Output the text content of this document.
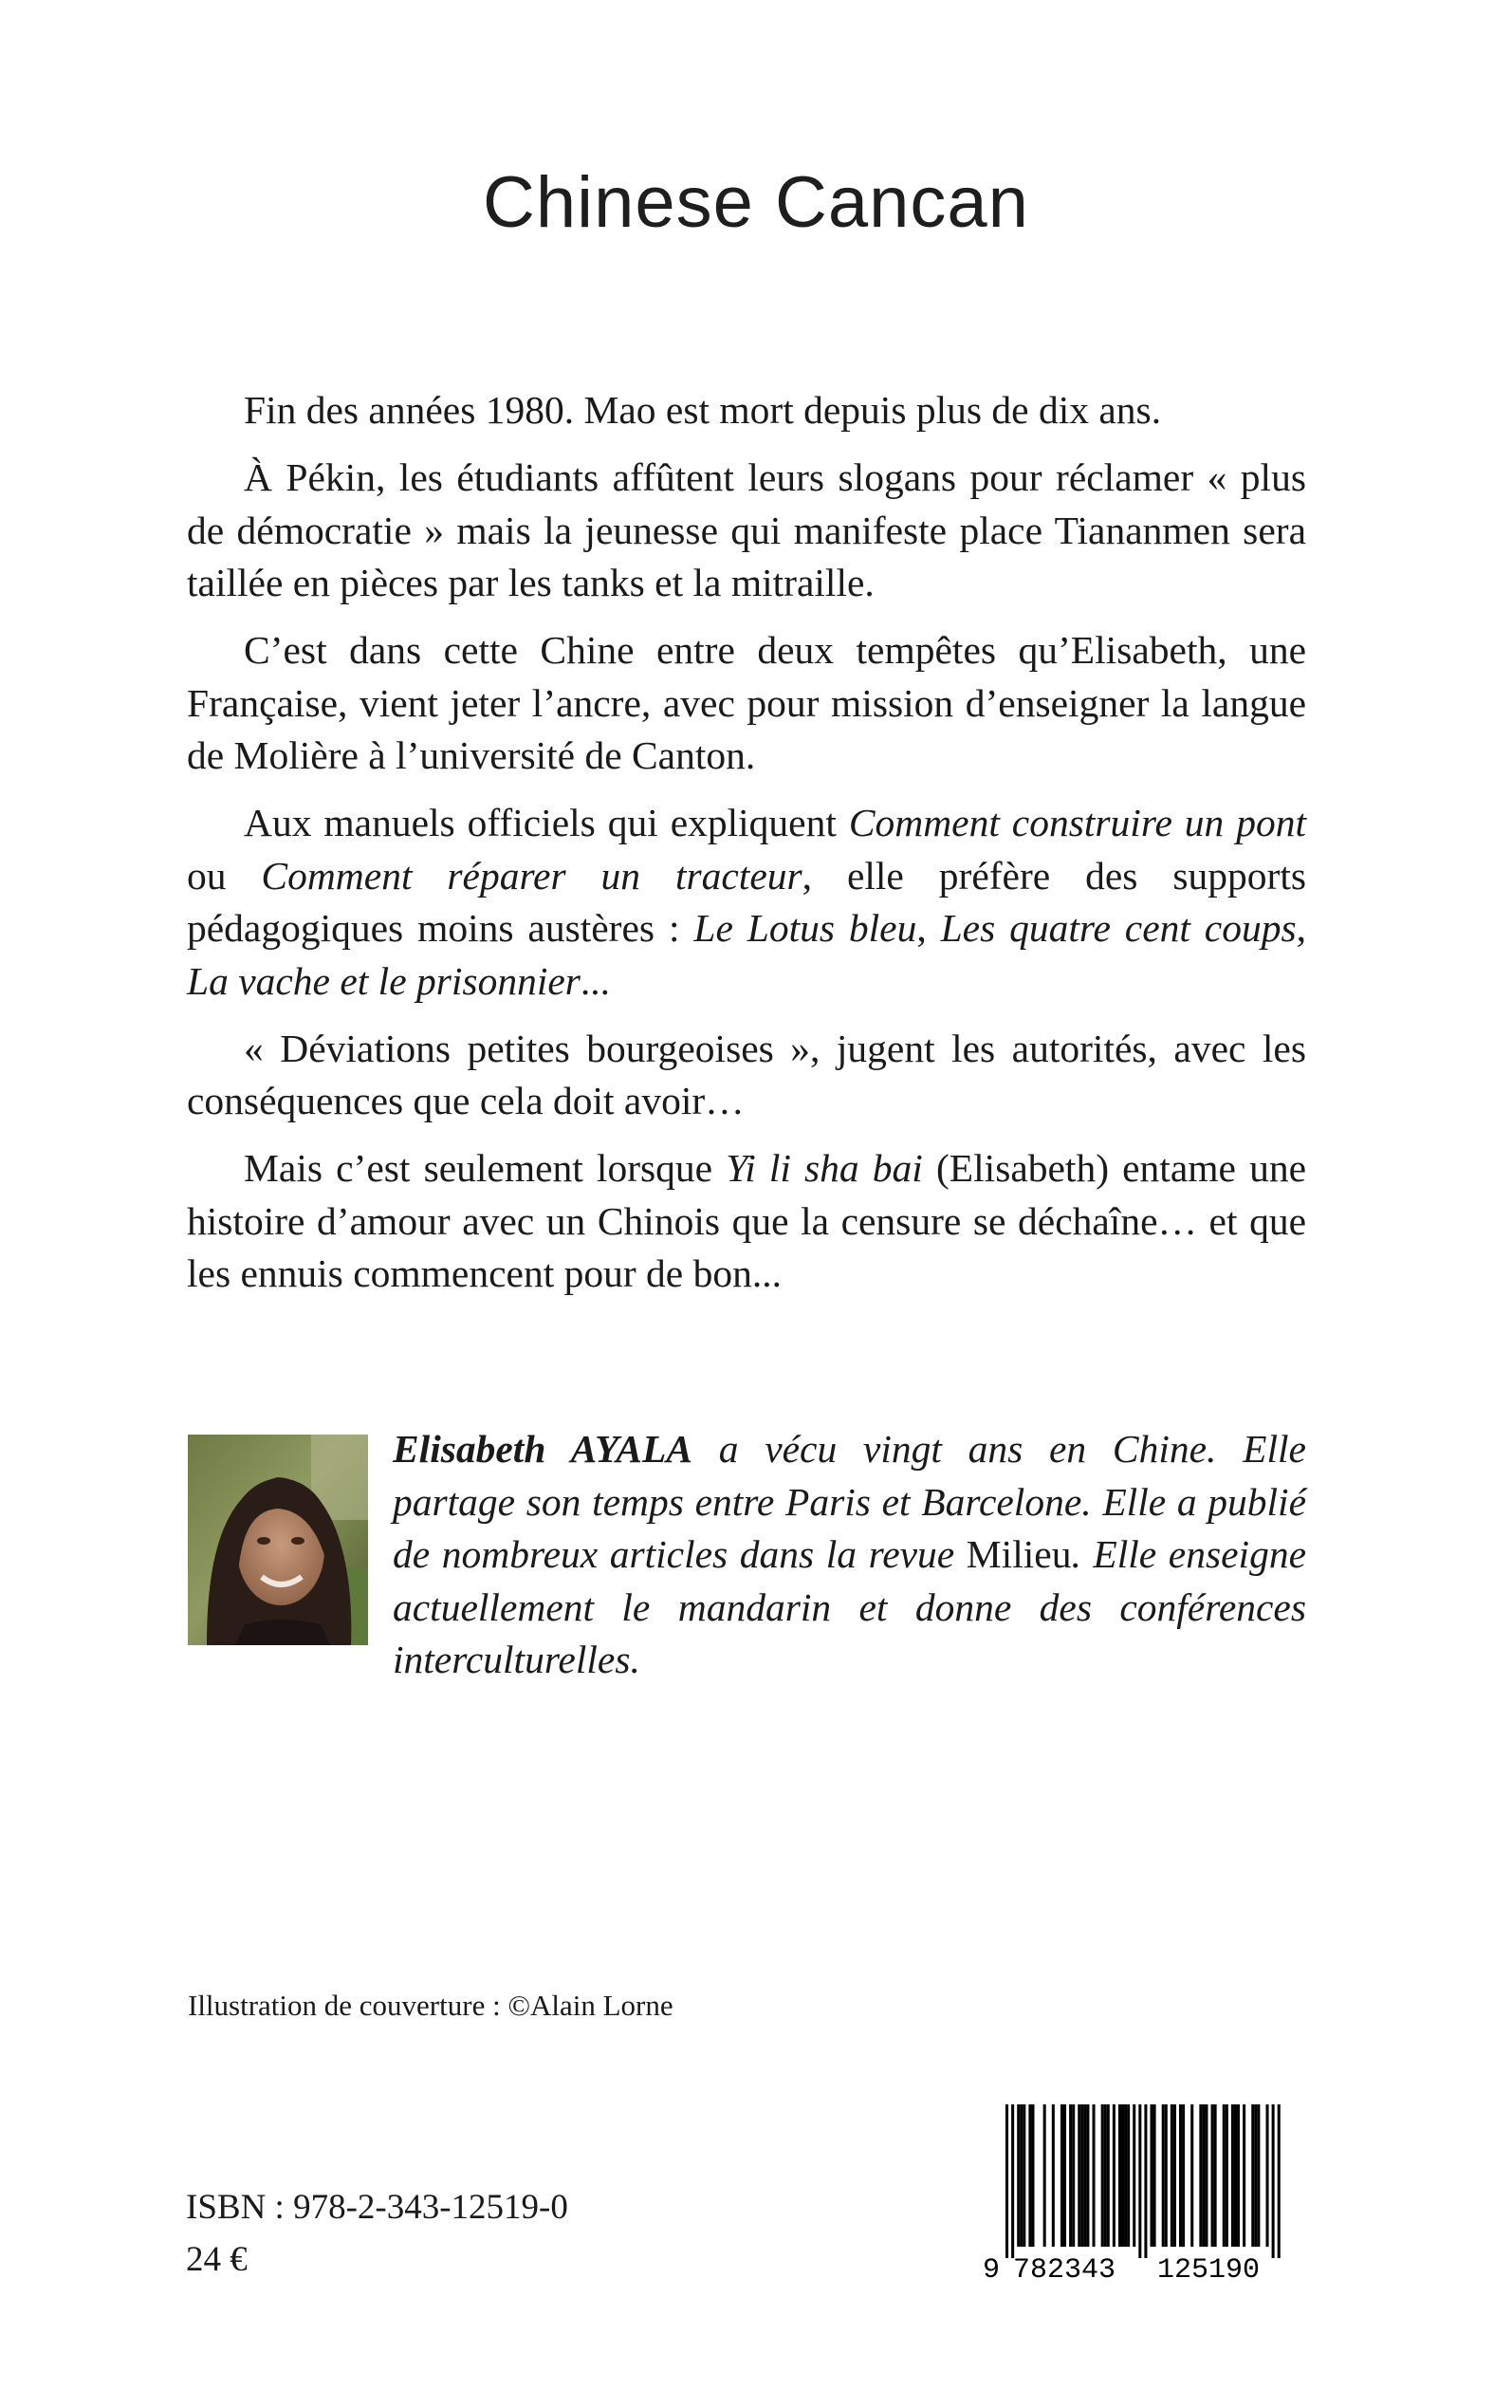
Chinese Cancan

Fin des années 1980. Mao est mort depuis plus de dix ans.

À Pékin, les étudiants affûtent leurs slogans pour réclamer « plus de démocratie » mais la jeunesse qui manifeste place Tiananmen sera taillée en pièces par les tanks et la mitraille.

C’est dans cette Chine entre deux tempêtes qu’Elisabeth, une Française, vient jeter l’ancre, avec pour mission d’enseigner la langue de Molière à l’université de Canton.

Aux manuels officiels qui expliquent Comment construire un pont ou Comment réparer un tracteur, elle préfère des supports pédagogiques moins austères : Le Lotus bleu, Les quatre cent coups, La vache et le prisonnier...

« Déviations petites bourgeoises », jugent les autorités, avec les conséquences que cela doit avoir…

Mais c’est seulement lorsque Yi li sha bai (Elisabeth) entame une histoire d’amour avec un Chinois que la censure se déchaîne… et que les ennuis commencent pour de bon...

Elisabeth AYALA a vécu vingt ans en Chine. Elle partage son temps entre Paris et Barcelone. Elle a publié de nombreux articles dans la revue Milieu. Elle enseigne actuellement le mandarin et donne des conférences interculturelles.
Illustration de couverture : ©Alain Lorne
ISBN : 978-2-343-12519-0
24 €	9 782343 125190
